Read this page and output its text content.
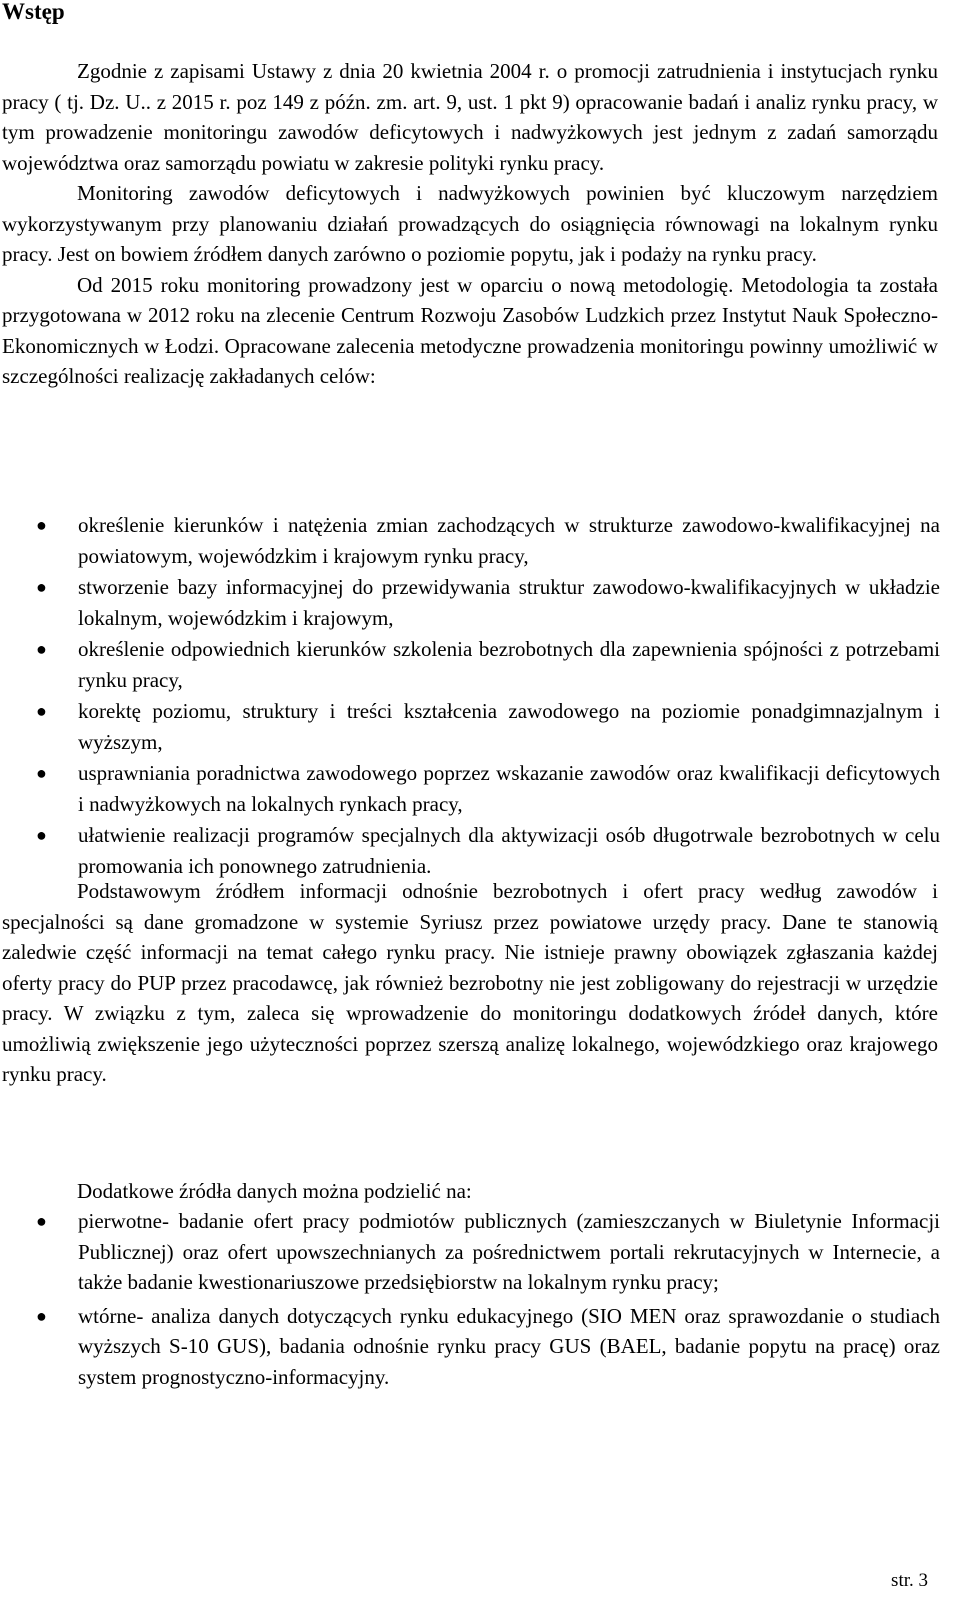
Wstęp

Zgodnie z zapisami Ustawy z dnia 20 kwietnia 2004 r. o promocji zatrudnienia i instytucjach rynku pracy ( tj. Dz. U.. z 2015 r. poz 149 z późn. zm. art. 9, ust. 1 pkt 9) opracowanie badań i analiz rynku pracy, w tym prowadzenie monitoringu zawodów deficytowych i nadwyżkowych jest jednym z zadań samorządu województwa oraz samorządu powiatu w zakresie polityki rynku pracy.

Monitoring zawodów deficytowych i nadwyżkowych powinien być kluczowym narzędziem wykorzystywanym przy planowaniu działań prowadzących do osiągnięcia równowagi na lokalnym rynku pracy. Jest on bowiem źródłem danych zarówno o poziomie popytu, jak i podaży na rynku pracy.

Od 2015 roku monitoring prowadzony jest w oparciu o nową metodologię. Metodologia ta została przygotowana w 2012 roku na zlecenie Centrum Rozwoju Zasobów Ludzkich przez Instytut Nauk Społeczno- Ekonomicznych w Łodzi. Opracowane zalecenia metodyczne prowadzenia monitoringu powinny umożliwić w szczególności realizację zakładanych celów:

● określenie kierunków i natężenia zmian zachodzących w strukturze zawodowo-kwalifikacyjnej na powiatowym, wojewódzkim i krajowym rynku pracy,
● stworzenie bazy informacyjnej do przewidywania struktur zawodowo-kwalifikacyjnych w układzie lokalnym, wojewódzkim i krajowym,
● określenie odpowiednich kierunków szkolenia bezrobotnych dla zapewnienia spójności z potrzebami rynku pracy,
● korektę poziomu, struktury i treści kształcenia zawodowego na poziomie ponadgimnazjalnym i wyższym,
● usprawniania poradnictwa zawodowego poprzez wskazanie zawodów oraz kwalifikacji deficytowych i nadwyżkowych na lokalnych rynkach pracy,
● ułatwienie realizacji programów specjalnych dla aktywizacji osób długotrwale bezrobotnych w celu promowania ich ponownego zatrudnienia.

Podstawowym źródłem informacji odnośnie bezrobotnych i ofert pracy według zawodów i specjalności są dane gromadzone w systemie Syriusz przez powiatowe urzędy pracy. Dane te stanowią zaledwie część informacji na temat całego rynku pracy. Nie istnieje prawny obowiązek zgłaszania każdej oferty pracy do PUP przez pracodawcę, jak również bezrobotny nie jest zobligowany do rejestracji w urzędzie pracy. W związku z tym, zaleca się wprowadzenie do monitoringu dodatkowych źródeł danych, które umożliwią zwiększenie jego użyteczności poprzez szerszą analizę lokalnego, wojewódzkiego oraz krajowego rynku pracy.

Dodatkowe źródła danych można podzielić na:

● pierwotne- badanie ofert pracy podmiotów publicznych (zamieszczanych w Biuletynie Informacji Publicznej) oraz ofert upowszechnianych za pośrednictwem portali rekrutacyjnych w Internecie, a także badanie kwestionariuszowe przedsiębiorstw na lokalnym rynku pracy;
● wtórne- analiza danych dotyczących rynku edukacyjnego (SIO MEN oraz sprawozdanie o studiach wyższych S-10 GUS), badania odnośnie rynku pracy GUS (BAEL, badanie popytu na pracę) oraz system prognostyczno-informacyjny.
str. 3
